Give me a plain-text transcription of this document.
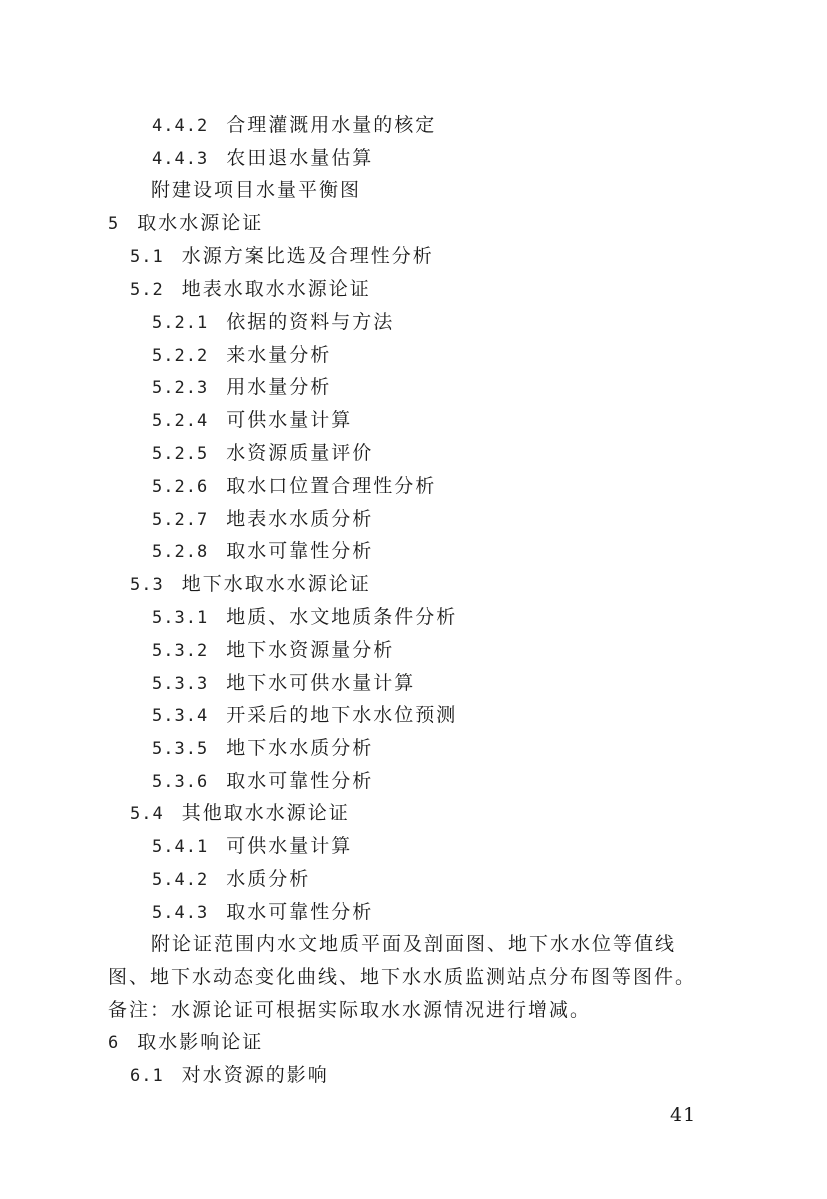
4.4.2 合理灌溉用水量的核定
4.4.3 农田退水量估算
附建设项目水量平衡图
5 取水水源论证
5.1 水源方案比选及合理性分析
5.2 地表水取水水源论证
5.2.1 依据的资料与方法
5.2.2 来水量分析
5.2.3 用水量分析
5.2.4 可供水量计算
5.2.5 水资源质量评价
5.2.6 取水口位置合理性分析
5.2.7 地表水水质分析
5.2.8 取水可靠性分析
5.3 地下水取水水源论证
5.3.1 地质、水文地质条件分析
5.3.2 地下水资源量分析
5.3.3 地下水可供水量计算
5.3.4 开采后的地下水水位预测
5.3.5 地下水水质分析
5.3.6 取水可靠性分析
5.4 其他取水水源论证
5.4.1 可供水量计算
5.4.2 水质分析
5.4.3 取水可靠性分析
附论证范围内水文地质平面及剖面图、地下水水位等值线
图、地下水动态变化曲线、地下水水质监测站点分布图等图件。
备注：水源论证可根据实际取水水源情况进行增减。
6 取水影响论证
6.1 对水资源的影响
41
